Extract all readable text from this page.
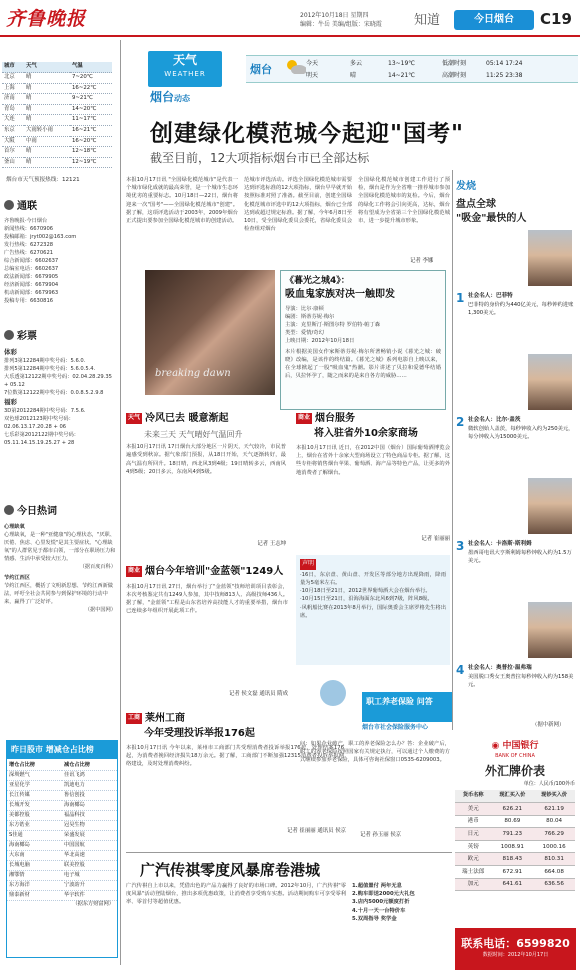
齐鲁晚报	2012年10月18日 星期四
编辑：牛岳 美编/组版：宋晓霞 知道	今日烟台	C19
城市	天气	气温
北京	晴	7~20℃
上海	晴	16~22℃
济南	晴	9~21℃
青岛	晴	14~20℃
大连	晴	11~17℃
东京	大雨转小雨	16~21℃
大阪	中雨	16~20℃
首尔	晴	12~18℃
釜山	晴	12~19℃
烟台市天气预报热线：12121
通联
齐鲁晚报·今日烟台
新闻热线：6670906
投稿邮箱：jryt002@163.com
发行热线：6272328
广告热线：6270621
综合新闻部：6602637
总编室电话：6602637
政法新闻部：6679905
经济新闻部：6679904
机动新闻部：6679963
投稿专用：6630816
彩票
体彩
排列3第12284期中奖号码：5.6.0.
排列5第12284期中奖号码：5.6.0.5.4.
大乐透第12122期中奖号码：02.04.28.29.35 + 05.12
7位数第12122期中奖号码：0.0.8.5.2.9.8
福彩
3D第2012284期中奖号码：7.5.6.
双色球2012123期中奖号码：02.06.13.17.20.28 + 06
七乐彩第2012122期中奖号码：05.11.14.15.19.25.27 + 28
今日热词
心理缺氧
心理缺氧，是一种"亚健康"的心理状态，"厌职、厌倦、焦虑、心里发慌"是其主要症状。"心理缺氧"的人群常见于都市白领，一部分在职场压力和情感、生活中承受较大压力。
（据百度百科）
节约江西区
节约江西区，概括了文明新思想、节约江西新做法，呼吁全社会共同参与到保护环境的行动中来，赢得了广泛好评。
（据中国网）
昨日股市 增减仓占比榜
增仓占比榜	减仓占比榜
深圳燃气	佳讯飞鸿
亚星化学	凯迪电力
长江传媒	鲁信创投
长城开发	海南椰岛
美都控股	福晶科技
东方锆业	冠昊生物
S佳通	荣盛发展
海南椰岛	中国国航
大东南	华北高速
长城电脑	联美控股
湘鄂情	电子城
东方海洋	宁波韵升
鼎泰新材	华宇软件
（据东方财富网）
天气
WEATHER
烟台动态
烟台	今天	多云	13~19℃	低潮时刻	05:14 17:24
明天	晴	14~21℃	高潮时刻	11:25 23:38
创建绿化模范城今起迎"国考"
截至目前，12大项指标烟台市已全部达标
本报10月17日讯 "全国绿化模范城市"是代表一个城市绿化成就的最高荣誉，是一个城市生态环境优劣的重要标志。10月18日—22日，烟台将迎来一次"国考"——全国绿化模范城市"创建"。据了解，这项评选活动于2003年，2009年烟台正式提出要参加全国绿化模范城市的创建活动。
范城市评选活动。评选全国绿化模范城市需要达到评选标准的12大项指标，烟台早早就开始按照标准对照了准备。截至目前，创建全国绿化模范城市评选中的12大项指标，烟台已全部达到或超过规定标准。据了解，今年6月8日至10日，受全国绿化委员会委托，省绿化委员会检查组对烟台
全国绿化模范城市创建工作进行了预检，烟台是作为全省唯一推荐城市参加全国绿化模范城市的复检。今后，烟台的绿化工作将会引向更高，达标，烟台将有望成为全省第三个全国绿化模范城市，进一步提升城市形象。
记者 李娜
breaking dawn
《暮光之城4》：
吸血鬼家族对决一触即发
导演：比尔·康顿
编剧：斯蒂芬妮·梅尔
主演：克里斯汀·斯图尔特 罗伯特·帕丁森
类型：爱情/奇幻
上映日期：2012年10月18日
本片根据美国女作家斯蒂芬妮·梅尔所著畅销小说《暮光之城：破晓》改编，是该作的终结篇。《暮光之城》系列电影自上映以来，在全球掀起了一股"吸血鬼"热潮。影片讲述了贝拉和爱德华结婚后，贝拉怀孕了，随之而来的是来自各方的威胁……
天气 冷风已去 暖意渐起
未来三天 天气晴好气温回升
本报10月17日讯 17日烟台大部分地区一片阴天，天气较冷，市民普遍感受到秋凉。据气象部门预报，从18日开始，天气逐渐转好，最高气温有所回升。18日晴，西北风3到4级；19日晴转多云，西南风4到5级；20日多云，东南风4到5级。
记者 王志坤
商业 烟台服务
将入驻省外10余家商场
本报10月17日讯 近日，在2012中国（烟台）国际葡萄酒博览会上，烟台在省外十余家大型商场设立了特色商品专柜。据了解，这些专柜将销售烟台苹果、葡萄酒、海产品等特色产品，让更多的外地消费者了解烟台。
记者 崔丽丽
声明
·16日，东京盘、黄山盘、开发区等部分地方出现降雨，降雨量为5毫米左右。
·10月18日至21日，2012世界葡萄酒大会在烟台举行。
·10月15日至21日，沿海海面东北风6到7级，阵风8级。
·风帆船比赛在2013年8月举行，国际奥委会主席罗格先生将出席。
商业 烟台今年培训"金蓝领"1249人
本报10月17日讯 27日，烟台举行了"金蓝领"技师培训项目表彰会，本次考核鉴定共有1249人参加，其中技师813人、高级技师436人。据了解，"金蓝领"工程是山东省培养高技能人才的重要举措，烟台市已连续多年组织开展此项工作。
记者 侯文磊 通讯员 隋成
工商 莱州工商
今年受理投诉举报176起
本报10月17日讯 今年以来，莱州市工商部门共受理消费者投诉举报176起，处理结案176起，为消费者挽回经济损失18万余元。据了解，工商部门不断加强12315消费者投诉举报网络建设，及时处理消费纠纷。
记者 崔丽丽 通讯员 侯京
职工养老保险 问答
烟台市社会保险服务中心
问：如果企业破产，职工的养老保险怎么办？答：企业破产后，职工的养老保险按照国家有关规定执行，可以通过个人缴费的方式继续参加养老保险，具体可咨询社保窗口0535-6209003。
记者 孙玉丽 侯京
发烧
盘点全球
"吸金"最快的人
1 社会名人：巴菲特
巴菲特的身价约为440亿美元，每秒钟约进账1,300美元。
2 社会名人：比尔·盖茨
微软创始人盖茨，每秒钟收入约为250美元，每分钟收入为15000美元。
3 社会名人：卡洛斯·斯利姆
墨西哥电讯大亨斯利姆每秒钟收入约为1.5万美元。
4 社会名人：奥普拉·温弗瑞
美国脱口秀女王奥普拉每秒钟收入约为158美元。
（据中新网）
◉ 中国银行
BANK OF CHINA
外汇牌价表
单位：人民币/100外币
货币名称	现汇买入价	现钞买入价
美元	626.21	621.19
港币	80.69	80.04
日元	791.23	766.29
英镑	1008.91	1000.16
欧元	818.43	810.31
瑞士法郎	672.91	664.08
加元	641.61	636.56
联系电话：6599820
数据时间：2012年10月17日
广汽传祺零度风暴席卷港城
广汽传祺自上市以来，凭借出色的产品力赢得了良好的市场口碑。2012年10月，广汽传祺"零度风暴"活动登陆烟台，推出多项优惠政策，让消费者享受购车实惠。活动期间购车可享受零利率、零首付等超值优惠。
1.超值置付 两年无息
2.购车即送2000元大礼包
3.店内5000元额度打折
4.十月一天一台特价车
5.双周指导 奖学金
